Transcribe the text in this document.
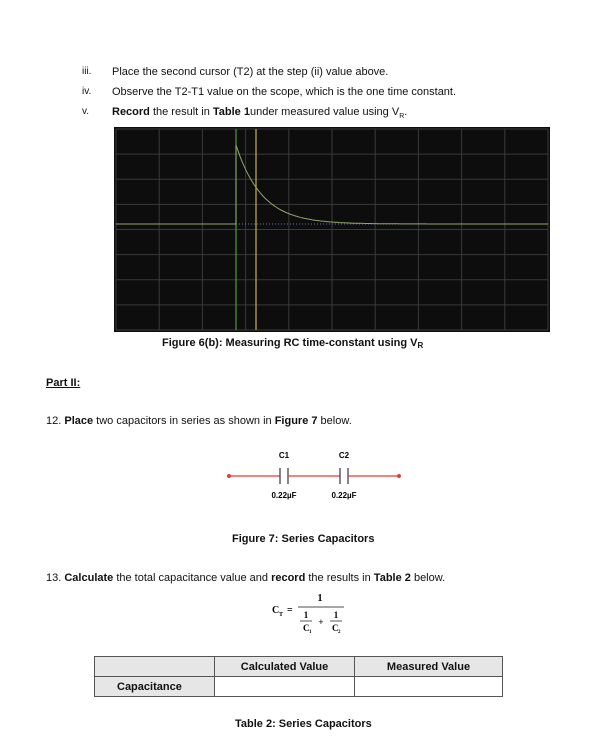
iii.	Place the second cursor (T2) at the step (ii) value above.
iv.	Observe the T2-T1 value on the scope, which is the one time constant.
v.	Record the result in Table 1under measured value using $V_R$.
Figure 6(b): Measuring RC time-constant using $V_R$
Part II:
12. Place two capacitors in series as shown in Figure 7 below.
C1	C2
0.22µF	0.22µF
Figure 7: Series Capacitors
13. Calculate the total capacitance value and record the results in Table 2 below.
C T =
1
1
C 1
+
1
C 2
	Calculated Value	Measured Value
Capacitance		
Table 2: Series Capacitors
